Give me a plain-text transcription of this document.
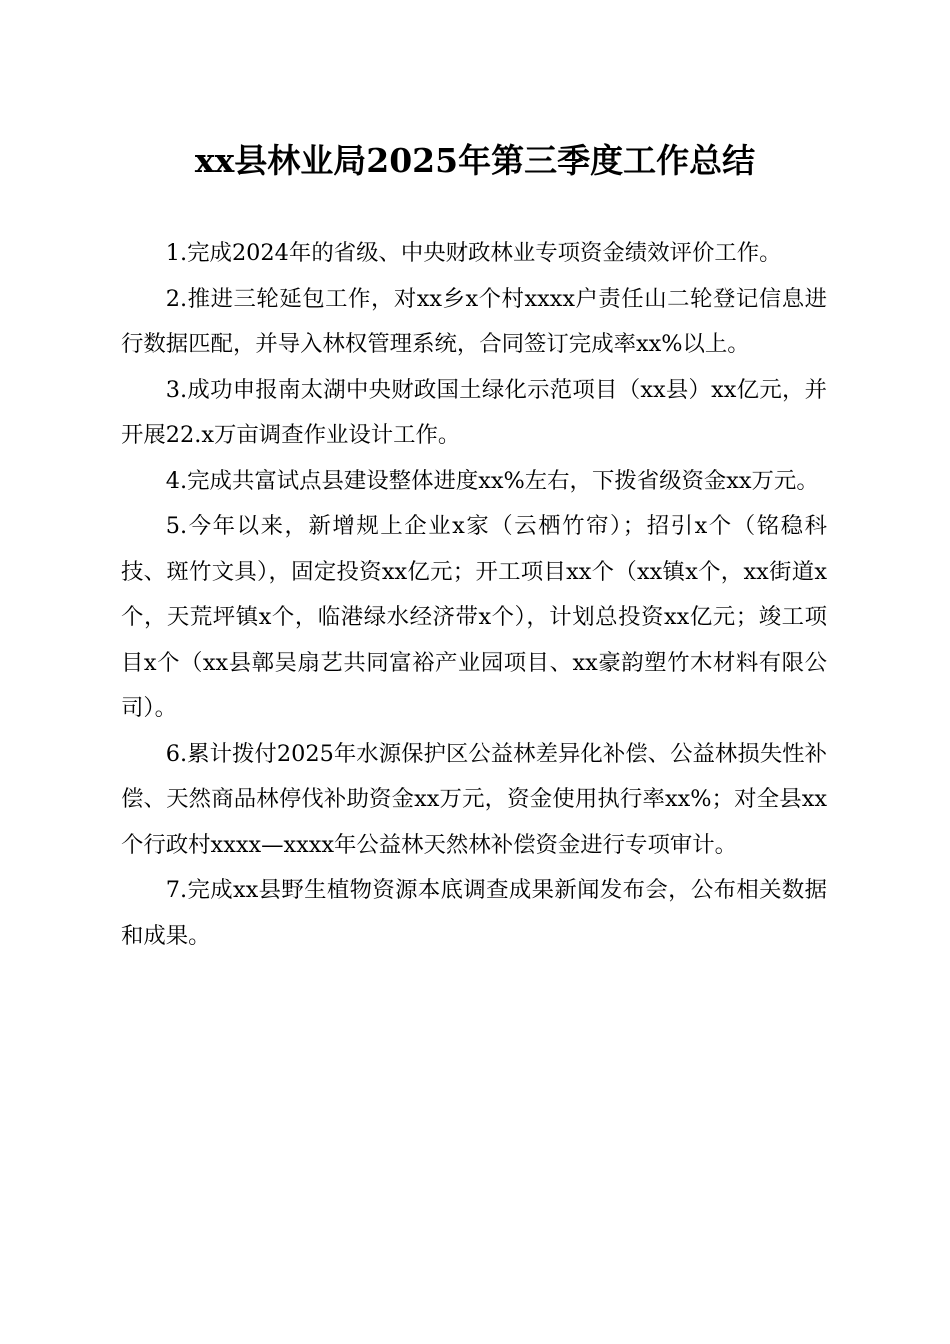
xx县林业局2025年第三季度工作总结

1.完成2024年的省级、中央财政林业专项资金绩效评价工作。

2.推进三轮延包工作，对xx乡x个村xxxx户责任山二轮登记信息进行数据匹配，并导入林权管理系统，合同签订完成率xx%以上。

3.成功申报南太湖中央财政国土绿化示范项目（xx县）xx亿元，并开展22.x万亩调查作业设计工作。

4.完成共富试点县建设整体进度xx%左右，下拨省级资金xx万元。

5.今年以来，新增规上企业x家（云栖竹帘）；招引x个（铭稳科技、斑竹文具），固定投资xx亿元；开工项目xx个（xx镇x个，xx街道x个，天荒坪镇x个，临港绿水经济带x个），计划总投资xx亿元；竣工项目x个（xx县鄣吴扇艺共同富裕产业园项目、xx豪韵塑竹木材料有限公司）。

6.累计拨付2025年水源保护区公益林差异化补偿、公益林损失性补偿、天然商品林停伐补助资金xx万元，资金使用执行率xx%；对全县xx个行政村xxxx—xxxx年公益林天然林补偿资金进行专项审计。

7.完成xx县野生植物资源本底调查成果新闻发布会，公布相关数据和成果。
